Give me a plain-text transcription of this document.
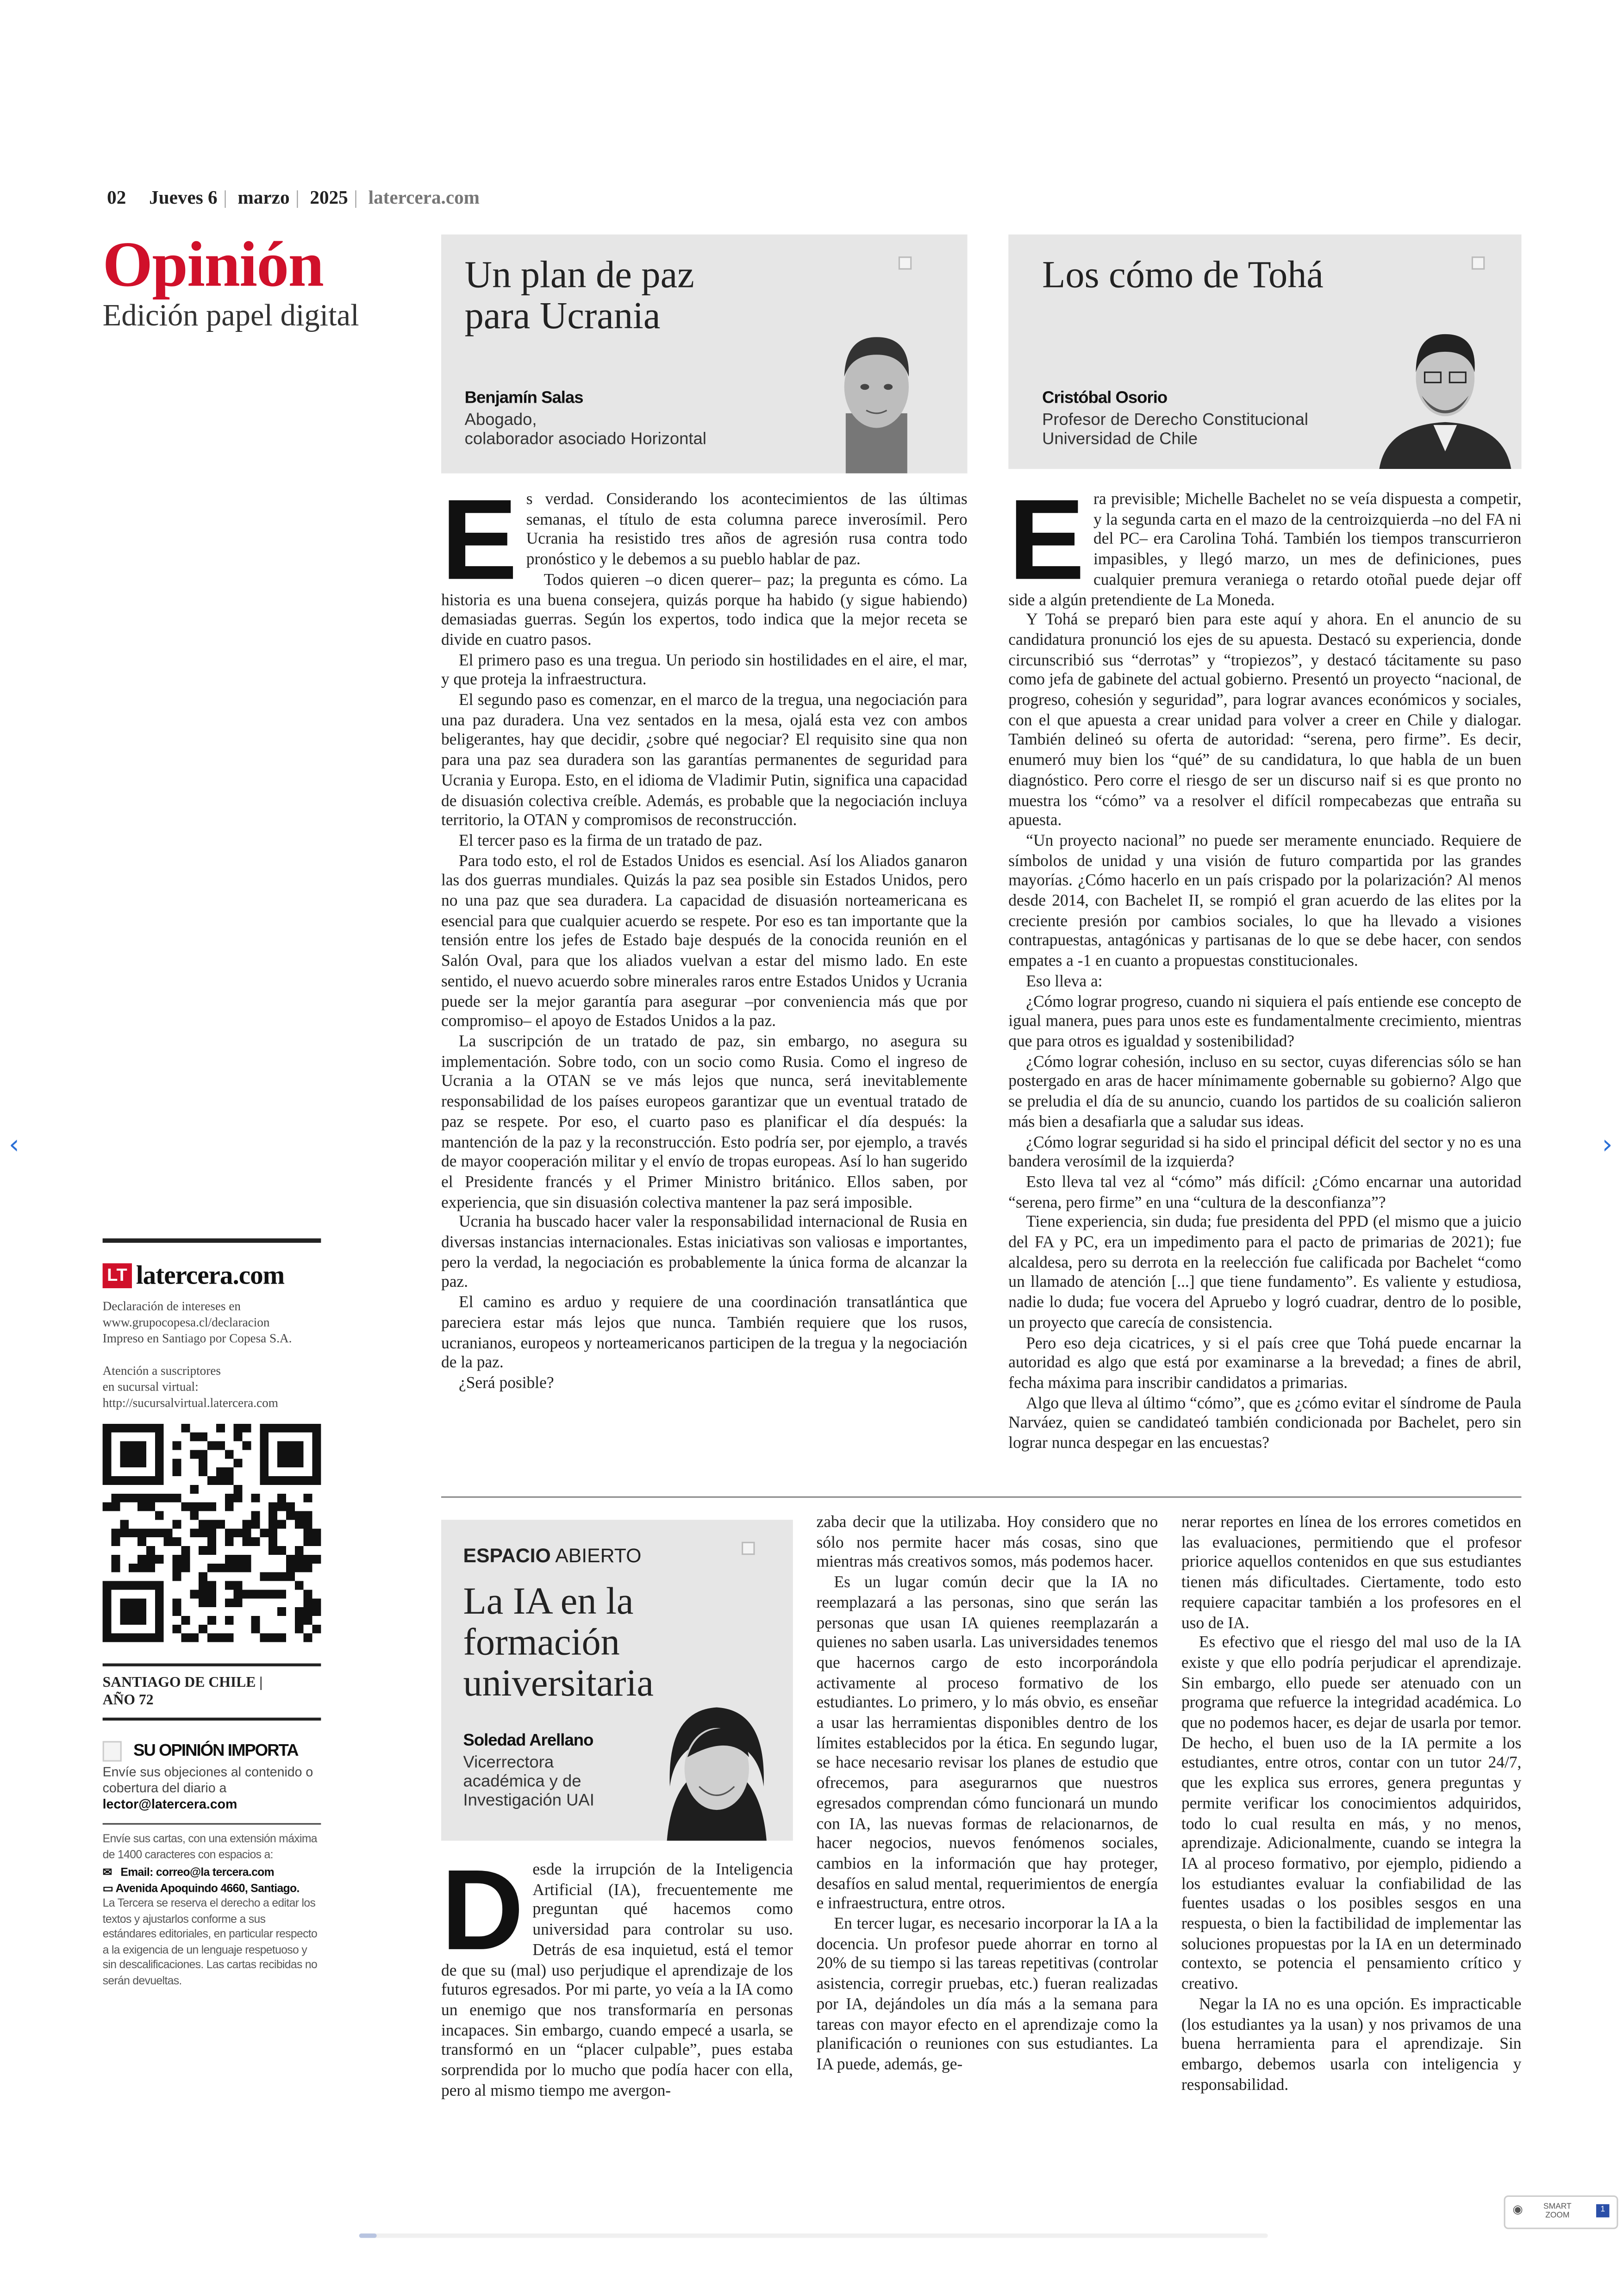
02	Jueves 6 | marzo | 2025 | latercera.com
Opinión
Edición papel digital
Un plan de paz
para Ucrania
Benjamín Salas
Abogado,
colaborador asociado Horizontal
Los cómo de Tohá
Cristóbal Osorio
Profesor de Derecho Constitucional
Universidad de Chile
E	s verdad. Considerando los acontecimientos de las últimas semanas, el título de esta columna parece inverosímil. Pero Ucrania ha resistido tres años de agresión rusa contra todo pronóstico y le debemos a su pueblo hablar de paz.

Todos quieren –o dicen querer– paz; la pregunta es cómo. La historia es una buena consejera, quizás porque ha habido (y sigue habiendo) demasiadas guerras. Según los expertos, todo indica que la mejor receta se divide en cuatro pasos.

El primero paso es una tregua. Un periodo sin hostilidades en el aire, el mar, y que proteja la infraestructura.

El segundo paso es comenzar, en el marco de la tregua, una negociación para una paz duradera. Una vez sentados en la mesa, ojalá esta vez con ambos beligerantes, hay que decidir, ¿sobre qué negociar? El requisito sine qua non para una paz sea duradera son las garantías permanentes de seguridad para Ucrania y Europa. Esto, en el idioma de Vladimir Putin, significa una capacidad de disuasión colectiva creíble. Además, es probable que la negociación incluya territorio, la OTAN y compromisos de reconstrucción.

El tercer paso es la firma de un tratado de paz.

Para todo esto, el rol de Estados Unidos es esencial. Así los Aliados ganaron las dos guerras mundiales. Quizás la paz sea posible sin Estados Unidos, pero no una paz que sea duradera. La capacidad de disuasión norteamericana es esencial para que cualquier acuerdo se respete. Por eso es tan importante que la tensión entre los jefes de Estado baje después de la conocida reunión en el Salón Oval, para que los aliados vuelvan a estar del mismo lado. En este sentido, el nuevo acuerdo sobre minerales raros entre Estados Unidos y Ucrania puede ser la mejor garantía para asegurar –por conveniencia más que por compromiso– el apoyo de Estados Unidos a la paz.

La suscripción de un tratado de paz, sin embargo, no asegura su implementación. Sobre todo, con un socio como Rusia. Como el ingreso de Ucrania a la OTAN se ve más lejos que nunca, será inevitablemente responsabilidad de los países europeos garantizar que un eventual tratado de paz se respete. Por eso, el cuarto paso es planificar el día después: la mantención de la paz y la reconstrucción. Esto podría ser, por ejemplo, a través de mayor cooperación militar y el envío de tropas europeas. Así lo han sugerido el Presidente francés y el Primer Ministro británico. Ellos saben, por experiencia, que sin disuasión colectiva mantener la paz será imposible.

Ucrania ha buscado hacer valer la responsabilidad internacional de Rusia en diversas instancias internacionales. Estas iniciativas son valiosas e importantes, pero la verdad, la negociación es probablemente la única forma de alcanzar la paz.

El camino es arduo y requiere de una coordinación transatlántica que pareciera estar más lejos que nunca. También requiere que los rusos, ucranianos, europeos y norteamericanos participen de la tregua y la negociación de la paz.

¿Será posible?

E	ra previsible; Michelle Bachelet no se veía dispuesta a competir, y la segunda carta en el mazo de la centroizquierda –no del FA ni del PC– era Carolina Tohá. También los tiempos transcurrieron impasibles, y llegó marzo, un mes de definiciones, pues cualquier premura veraniega o retardo otoñal puede dejar off side a algún pretendiente de La Moneda.

Y Tohá se preparó bien para este aquí y ahora. En el anuncio de su candidatura pronunció los ejes de su apuesta. Destacó su experiencia, donde circunscribió sus “derrotas” y “tropiezos”, y destacó tácitamente su paso como jefa de gabinete del actual gobierno. Presentó un proyecto “nacional, de progreso, cohesión y seguridad”, para lograr avances económicos y sociales, con el que apuesta a crear unidad para volver a creer en Chile y dialogar. También delineó su oferta de autoridad: “serena, pero firme”. Es decir, enumeró muy bien los “qué” de su candidatura, lo que habla de un buen diagnóstico. Pero corre el riesgo de ser un discurso naif si es que pronto no muestra los “cómo” va a resolver el difícil rompecabezas que entraña su apuesta.

“Un proyecto nacional” no puede ser meramente enunciado. Requiere de símbolos de unidad y una visión de futuro compartida por las grandes mayorías. ¿Cómo hacerlo en un país crispado por la polarización? Al menos desde 2014, con Bachelet II, se rompió el gran acuerdo de las elites por la creciente presión por cambios sociales, lo que ha llevado a visiones contrapuestas, antagónicas y partisanas de lo que se debe hacer, con sendos empates a -1 en cuanto a propuestas constitucionales.

Eso lleva a:

¿Cómo lograr progreso, cuando ni siquiera el país entiende ese concepto de igual manera, pues para unos este es fundamentalmente crecimiento, mientras que para otros es igualdad y sostenibilidad?

¿Cómo lograr cohesión, incluso en su sector, cuyas diferencias sólo se han postergado en aras de hacer mínimamente gobernable su gobierno? Algo que se preludia el día de su anuncio, cuando los partidos de su coalición salieron más bien a desafiarla que a saludar sus ideas.

¿Cómo lograr seguridad si ha sido el principal déficit del sector y no es una bandera verosímil de la izquierda?

Esto lleva tal vez al “cómo” más difícil: ¿Cómo encarnar una autoridad “serena, pero firme” en una “cultura de la desconfianza”?

Tiene experiencia, sin duda; fue presidenta del PPD (el mismo que a juicio del FA y PC, era un impedimento para el pacto de primarias de 2021); fue alcaldesa, pero su derrota en la reelección fue calificada por Bachelet “como un llamado de atención [...] que tiene fundamento”. Es valiente y estudiosa, nadie lo duda; fue vocera del Apruebo y logró cuadrar, dentro de lo posible, un proyecto que carecía de consistencia.

Pero eso deja cicatrices, y si el país cree que Tohá puede encarnar la autoridad es algo que está por examinarse a la brevedad; a fines de abril, fecha máxima para inscribir candidatos a primarias.

Algo que lleva al último “cómo”, que es ¿cómo evitar el síndrome de Paula Narváez, quien se candidateó también condicionada por Bachelet, pero sin lograr nunca despegar en las encuestas?

ESPACIO ABIERTO
La IA en la
formación
universitaria
Soledad Arellano
Vicerrectora
académica y de
Investigación UAI
D	esde la irrupción de la Inteligencia Artificial (IA), frecuentemente me preguntan qué hacemos como universidad para controlar su uso. Detrás de esa inquietud, está el temor de que su (mal) uso perjudique el aprendizaje de los futuros egresados. Por mi parte, yo veía a la IA como un enemigo que nos transformaría en personas incapaces. Sin embargo, cuando empecé a usarla, se transformó en un “placer culpable”, pues estaba sorprendida por lo mucho que podía hacer con ella, pero al mismo tiempo me avergon-

zaba decir que la utilizaba. Hoy considero que no sólo nos permite hacer más cosas, sino que mientras más creativos somos, más podemos hacer.

Es un lugar común decir que la IA no reemplazará a las personas, sino que serán las personas que usan IA quienes reemplazarán a quienes no saben usarla. Las universidades tenemos que hacernos cargo de esto incorporándola activamente al proceso formativo de los estudiantes. Lo primero, y lo más obvio, es enseñar a usar las herramientas disponibles dentro de los límites establecidos por la ética. En segundo lugar, se hace necesario revisar los planes de estudio que ofrecemos, para asegurarnos que nuestros egresados comprendan cómo funcionará un mundo con IA, las nuevas formas de relacionarnos, de hacer negocios, nuevos fenómenos sociales, cambios en la información que hay proteger, desafíos en salud mental, requerimientos de energía e infraestructura, entre otros.

En tercer lugar, es necesario incorporar la IA a la docencia. Un profesor puede ahorrar en torno al 20% de su tiempo si las tareas repetitivas (controlar asistencia, corregir pruebas, etc.) fueran realizadas por IA, dejándoles un día más a la semana para tareas con mayor efecto en el aprendizaje como la planificación o reuniones con sus estudiantes. La IA puede, además, ge-

nerar reportes en línea de los errores cometidos en las evaluaciones, permitiendo que el profesor priorice aquellos contenidos en que sus estudiantes tienen más dificultades. Ciertamente, todo esto requiere capacitar también a los profesores en el uso de IA.

Es efectivo que el riesgo del mal uso de la IA existe y que ello podría perjudicar el aprendizaje. Sin embargo, ello puede ser atenuado con un programa que refuerce la integridad académica. Lo que no podemos hacer, es dejar de usarla por temor. De hecho, el buen uso de la IA permite a los estudiantes, entre otros, contar con un tutor 24/7, que les explica sus errores, genera preguntas y permite verificar los conocimientos adquiridos, todo lo cual resulta en más, y no menos, aprendizaje. Adicionalmente, cuando se integra la IA al proceso formativo, por ejemplo, pidiendo a los estudiantes evaluar la confiabilidad de las fuentes usadas o los posibles sesgos en una respuesta, o bien la factibilidad de implementar las soluciones propuestas por la IA en un determinado contexto, se potencia el pensamiento crítico y creativo.

Negar la IA no es una opción. Es impracticable (los estudiantes ya la usan) y nos privamos de una buena herramienta para el aprendizaje. Sin embargo, debemos usarla con inteligencia y responsabilidad.

LT	latercera.com
Declaración de intereses en
www.grupocopesa.cl/declaracion
Impreso en Santiago por Copesa S.A.
Atención a suscriptores
en sucursal virtual:
http://sucursalvirtual.latercera.com
SANTIAGO DE CHILE |
AÑO 72
SU OPINIÓN IMPORTA
Envíe sus objeciones al contenido o cobertura del diario a
lector@latercera.com
Envíe sus cartas, con una extensión máxima de 1400 caracteres con espacios a:
✉ Email: correo@la tercera.com
▭ Avenida Apoquindo 4660, Santiago.
La Tercera se reserva el derecho a editar los textos y ajustarlos conforme a sus estándares editoriales, en particular respecto a la exigencia de un lenguaje respetuoso y sin descalificaciones. Las cartas recibidas no serán devueltas.
‹	›
◉	SMART
ZOOM
1
